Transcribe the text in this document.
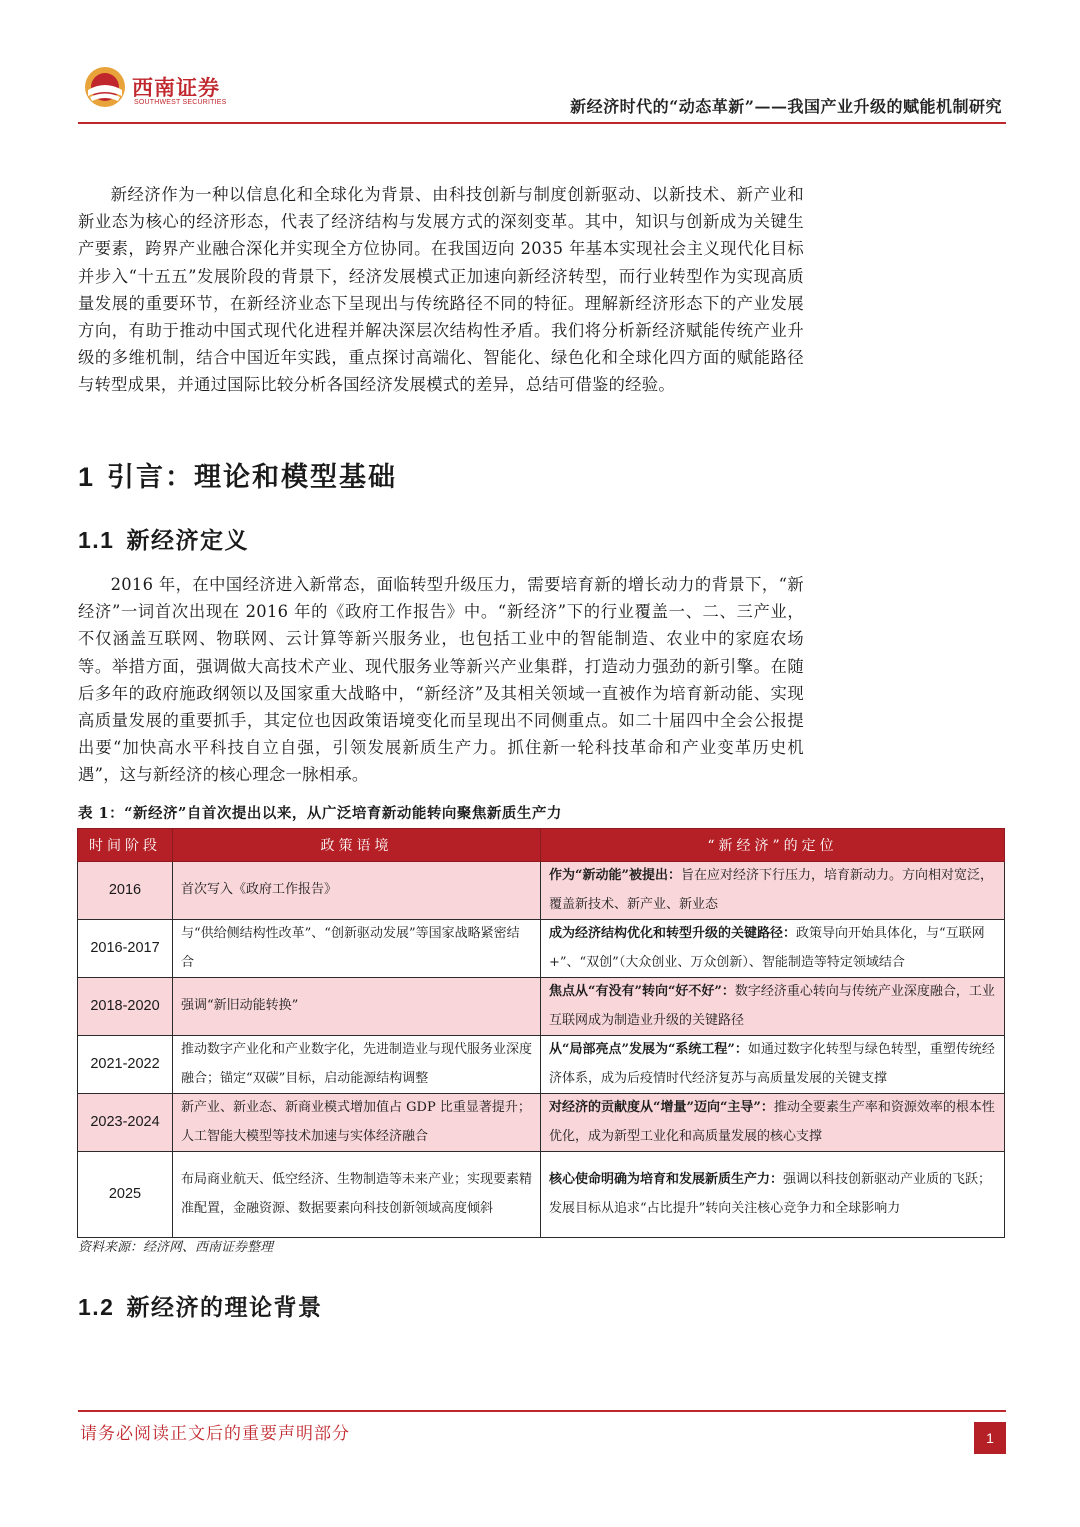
西南证券
SOUTHWEST SECURITIES	新经济时代的“动态革新”——我国产业升级的赋能机制研究

新经济作为一种以信息化和全球化为背景、由科技创新与制度创新驱动、以新技术、新产业和新业态为核心的经济形态，代表了经济结构与发展方式的深刻变革。其中，知识与创新成为关键生产要素，跨界产业融合深化并实现全方位协同。在我国迈向 2035 年基本实现社会主义现代化目标并步入“十五五”发展阶段的背景下，经济发展模式正加速向新经济转型，而行业转型作为实现高质量发展的重要环节，在新经济业态下呈现出与传统路径不同的特征。理解新经济形态下的产业发展方向，有助于推动中国式现代化进程并解决深层次结构性矛盾。我们将分析新经济赋能传统产业升级的多维机制，结合中国近年实践，重点探讨高端化、智能化、绿色化和全球化四方面的赋能路径与转型成果，并通过国际比较分析各国经济发展模式的差异，总结可借鉴的经验。

1 引言：理论和模型基础
1.1 新经济定义

2016 年，在中国经济进入新常态，面临转型升级压力，需要培育新的增长动力的背景下，“新经济”一词首次出现在 2016 年的《政府工作报告》中。“新经济”下的行业覆盖一、二、三产业，不仅涵盖互联网、物联网、云计算等新兴服务业，也包括工业中的智能制造、农业中的家庭农场等。举措方面，强调做大高技术产业、现代服务业等新兴产业集群，打造动力强劲的新引擎。在随后多年的政府施政纲领以及国家重大战略中，“新经济”及其相关领域一直被作为培育新动能、实现高质量发展的重要抓手，其定位也因政策语境变化而呈现出不同侧重点。如二十届四中全会公报提出要“加快高水平科技自立自强，引领发展新质生产力。抓住新一轮科技革命和产业变革历史机遇”，这与新经济的核心理念一脉相承。

表 1：“新经济”自首次提出以来，从广泛培育新动能转向聚焦新质生产力

时间阶段	政策语境	“新经济”的定位
2016	首次写入《政府工作报告》	作为“新动能”被提出：旨在应对经济下行压力，培育新动力。方向相对宽泛，覆盖新技术、新产业、新业态
2016-2017	与“供给侧结构性改革”、“创新驱动发展”等国家战略紧密结合	成为经济结构优化和转型升级的关键路径：政策导向开始具体化，与“互联网+”、“双创”（大众创业、万众创新）、智能制造等特定领域结合
2018-2020	强调“新旧动能转换”	焦点从“有没有”转向“好不好”：数字经济重心转向与传统产业深度融合，工业互联网成为制造业升级的关键路径
2021-2022	推动数字产业化和产业数字化，先进制造业与现代服务业深度融合；锚定“双碳”目标，启动能源结构调整	从“局部亮点”发展为“系统工程”：如通过数字化转型与绿色转型，重塑传统经济体系，成为后疫情时代经济复苏与高质量发展的关键支撑
2023-2024	新产业、新业态、新商业模式增加值占 GDP 比重显著提升；人工智能大模型等技术加速与实体经济融合	对经济的贡献度从“增量”迈向“主导”：推动全要素生产率和资源效率的根本性优化，成为新型工业化和高质量发展的核心支撑
2025	布局商业航天、低空经济、生物制造等未来产业；实现要素精准配置，金融资源、数据要素向科技创新领域高度倾斜	核心使命明确为培育和发展新质生产力：强调以科技创新驱动产业质的飞跃；发展目标从追求“占比提升”转向关注核心竞争力和全球影响力

资料来源：经济网、西南证券整理

1.2 新经济的理论背景
请务必阅读正文后的重要声明部分	1
